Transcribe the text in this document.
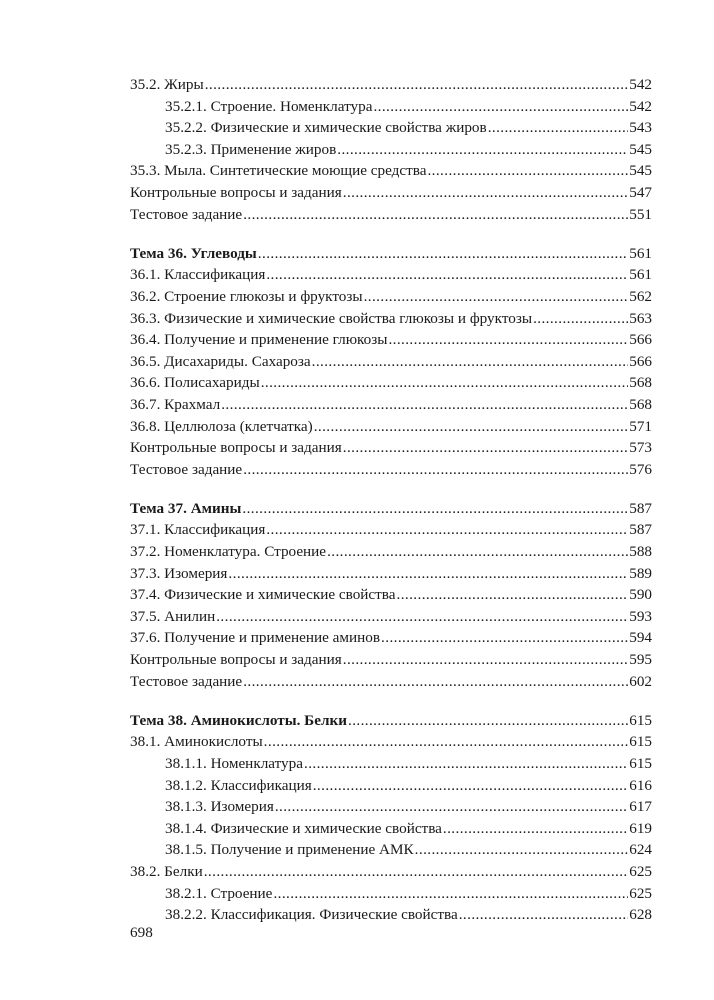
35.2. Жиры .....	542
35.2.1. Строение. Номенклатура .....	542
35.2.2. Физические и химические свойства жиров .....	543
35.2.3. Применение жиров .....	545
35.3. Мыла. Синтетические моющие средства .....	545
Контрольные вопросы и задания .....	547
Тестовое задание .....	551
Тема 36. Углеводы .....	561
36.1. Классификация .....	561
36.2. Строение глюкозы и фруктозы .....	562
36.3. Физические и химические свойства глюкозы и фруктозы .....	563
36.4. Получение и применение глюкозы .....	566
36.5. Дисахариды. Сахароза .....	566
36.6. Полисахариды .....	568
36.7. Крахмал .....	568
36.8. Целлюлоза (клетчатка) .....	571
Контрольные вопросы и задания .....	573
Тестовое задание .....	576
Тема 37. Амины .....	587
37.1. Классификация .....	587
37.2. Номенклатура. Строение .....	588
37.3. Изомерия .....	589
37.4. Физические и химические свойства .....	590
37.5. Анилин .....	593
37.6. Получение и применение аминов .....	594
Контрольные вопросы и задания .....	595
Тестовое задание .....	602
Тема 38. Аминокислоты. Белки .....	615
38.1. Аминокислоты .....	615
38.1.1. Номенклатура .....	615
38.1.2. Классификация .....	616
38.1.3. Изомерия .....	617
38.1.4. Физические и химические свойства .....	619
38.1.5. Получение и применение АМК .....	624
38.2. Белки .....	625
38.2.1. Строение .....	625
38.2.2. Классификация. Физические свойства .....	628
698
